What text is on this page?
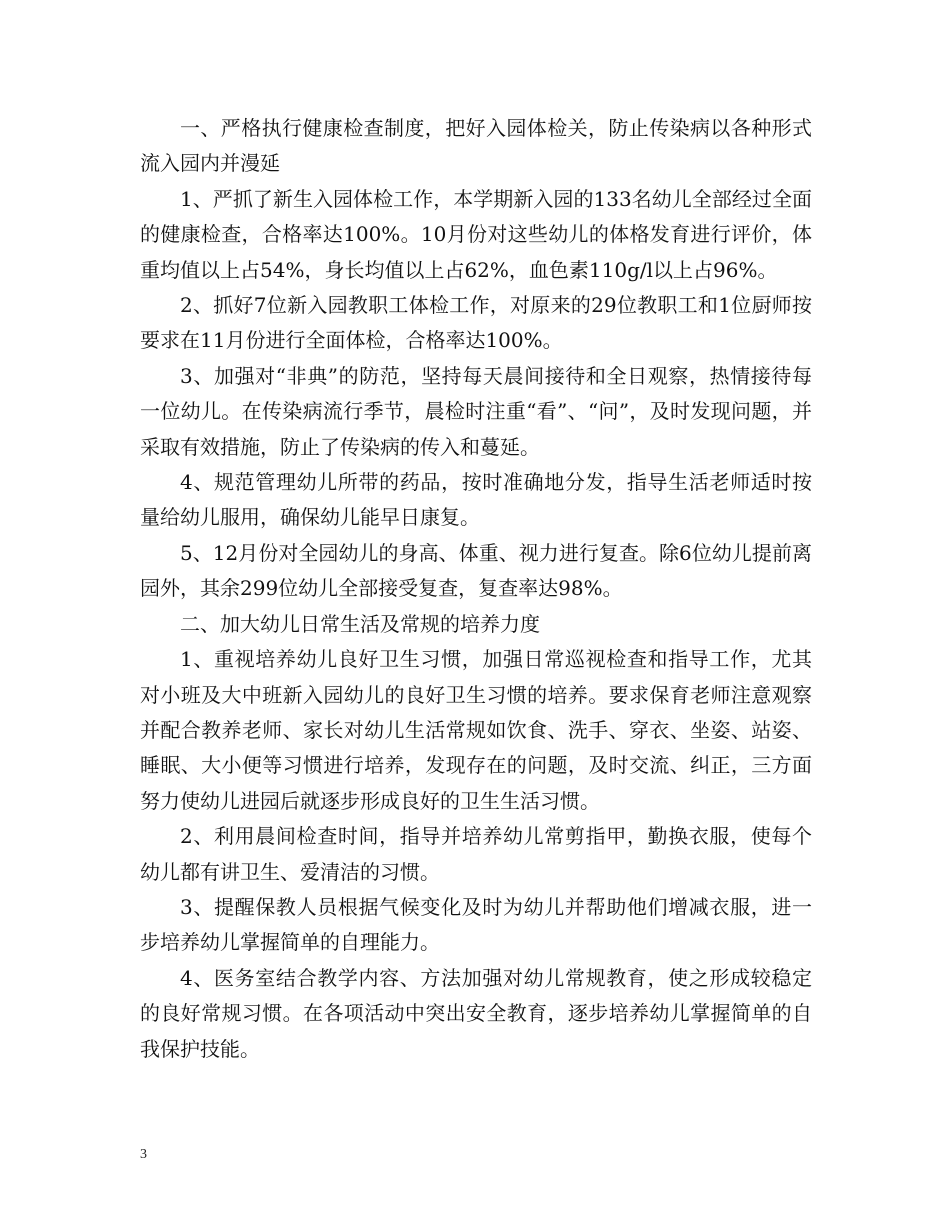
一、严格执行健康检查制度，把好入园体检关，防止传染病以各种形式流入园内并漫延

1、严抓了新生入园体检工作，本学期新入园的133名幼儿全部经过全面的健康检查，合格率达100%。10月份对这些幼儿的体格发育进行评价，体重均值以上占54%，身长均值以上占62%，血色素110g/l以上占96%。

2、抓好7位新入园教职工体检工作，对原来的29位教职工和1位厨师按要求在11月份进行全面体检，合格率达100%。

3、加强对“非典”的防范，坚持每天晨间接待和全日观察，热情接待每一位幼儿。在传染病流行季节，晨检时注重“看”、“问”，及时发现问题，并采取有效措施，防止了传染病的传入和蔓延。

4、规范管理幼儿所带的药品，按时准确地分发，指导生活老师适时按量给幼儿服用，确保幼儿能早日康复。

5、12月份对全园幼儿的身高、体重、视力进行复查。除6位幼儿提前离园外，其余299位幼儿全部接受复查，复查率达98%。

二、加大幼儿日常生活及常规的培养力度

1、重视培养幼儿良好卫生习惯，加强日常巡视检查和指导工作，尤其对小班及大中班新入园幼儿的良好卫生习惯的培养。要求保育老师注意观察并配合教养老师、家长对幼儿生活常规如饮食、洗手、穿衣、坐姿、站姿、睡眠、大小便等习惯进行培养，发现存在的问题，及时交流、纠正，三方面努力使幼儿进园后就逐步形成良好的卫生生活习惯。

2、利用晨间检查时间，指导并培养幼儿常剪指甲，勤换衣服，使每个幼儿都有讲卫生、爱清洁的习惯。

3、提醒保教人员根据气候变化及时为幼儿并帮助他们增减衣服，进一步培养幼儿掌握简单的自理能力。

4、医务室结合教学内容、方法加强对幼儿常规教育，使之形成较稳定的良好常规习惯。在各项活动中突出安全教育，逐步培养幼儿掌握简单的自我保护技能。

3
